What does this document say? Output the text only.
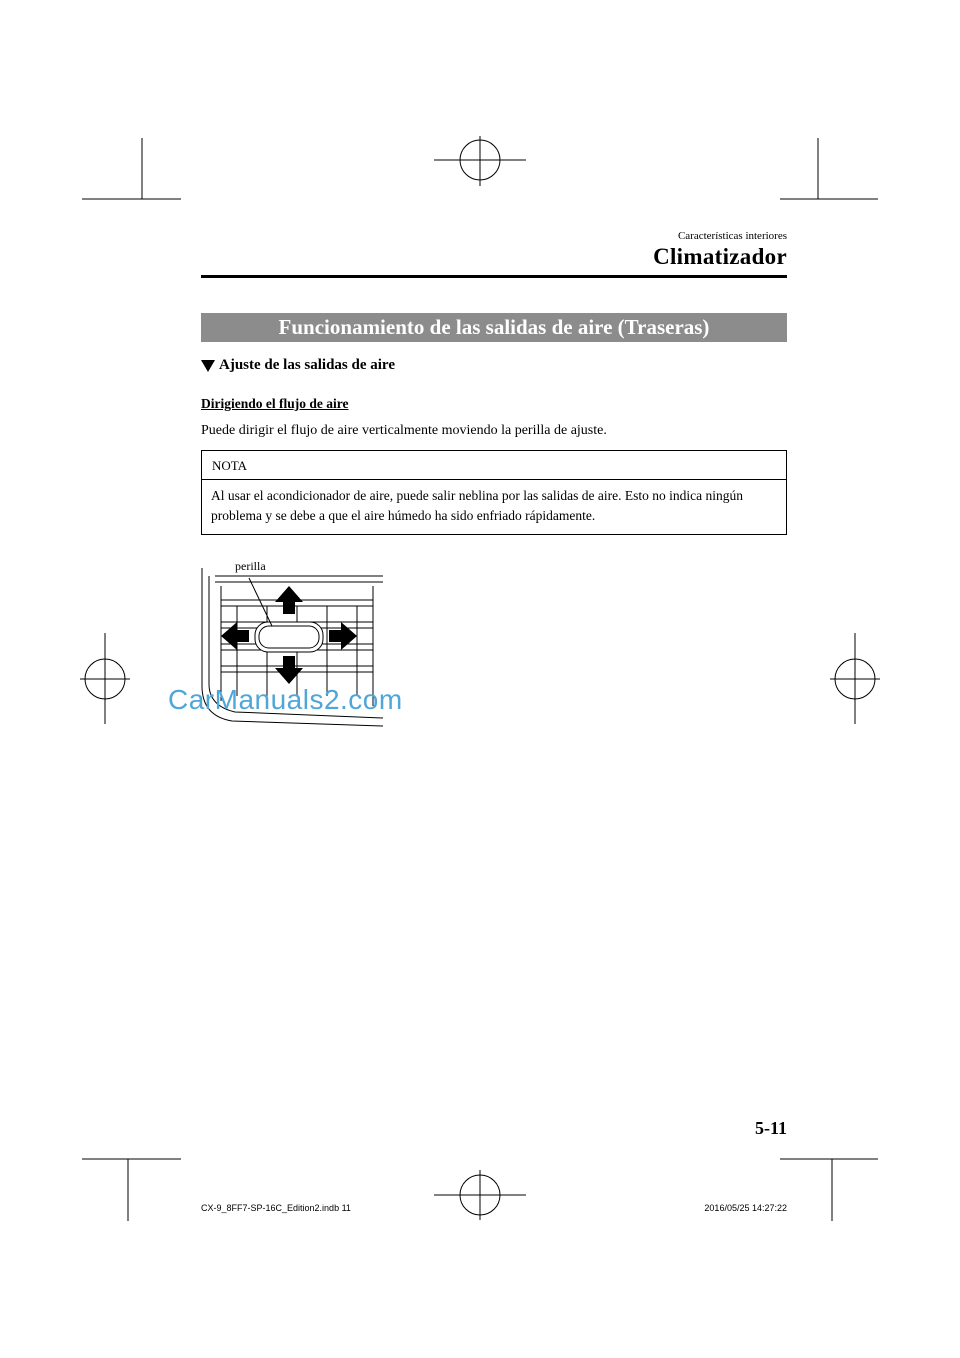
Características interiores
Climatizador
Funcionamiento de las salidas de aire (Traseras)
Ajuste de las salidas de aire
Dirigiendo el flujo de aire
Puede dirigir el flujo de aire verticalmente moviendo la perilla de ajuste.
NOTA
Al usar el acondicionador de aire, puede salir neblina por las salidas de aire. Esto no indica ningún problema y se debe a que el aire húmedo ha sido enfriado rápidamente.
perilla
CarManuals2.com
5-11
CX-9_8FF7-SP-16C_Edition2.indb 11	2016/05/25 14:27:22
